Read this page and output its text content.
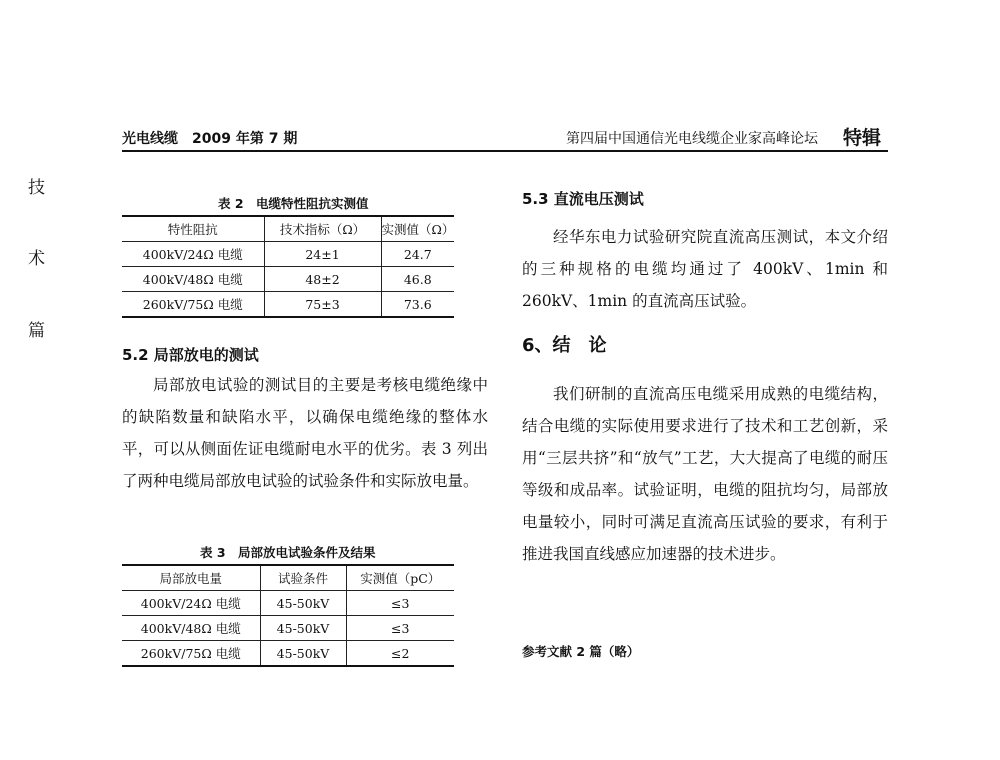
光电线缆　2009 年第 7 期	第四届中国通信光电线缆企业家高峰论坛 特辑
技
术
篇
表 2　电缆特性阻抗实测值
特性阻抗	技术指标（Ω）	实测值（Ω）
400kV/24Ω 电缆	24±1	24.7
400kV/48Ω 电缆	48±2	46.8
260kV/75Ω 电缆	75±3	73.6
5.2 局部放电的测试
局部放电试验的测试目的主要是考核电缆绝缘中的缺陷数量和缺陷水平，以确保电缆绝缘的整体水平，可以从侧面佐证电缆耐电水平的优劣。表 3 列出了两种电缆局部放电试验的试验条件和实际放电量。
表 3　局部放电试验条件及结果
局部放电量	试验条件	实测值（pC）
400kV/24Ω 电缆	45-50kV	≤3
400kV/48Ω 电缆	45-50kV	≤3
260kV/75Ω 电缆	45-50kV	≤2
5.3 直流电压测试
经华东电力试验研究院直流高压测试，本文介绍的三种规格的电缆均通过了 400kV、1min 和 260kV、1min 的直流高压试验。
6、结　论
我们研制的直流高压电缆采用成熟的电缆结构，结合电缆的实际使用要求进行了技术和工艺创新，采用“三层共挤”和“放气”工艺，大大提高了电缆的耐压等级和成品率。试验证明，电缆的阻抗均匀，局部放电量较小，同时可满足直流高压试验的要求，有利于推进我国直线感应加速器的技术进步。
参考文献 2 篇（略）
